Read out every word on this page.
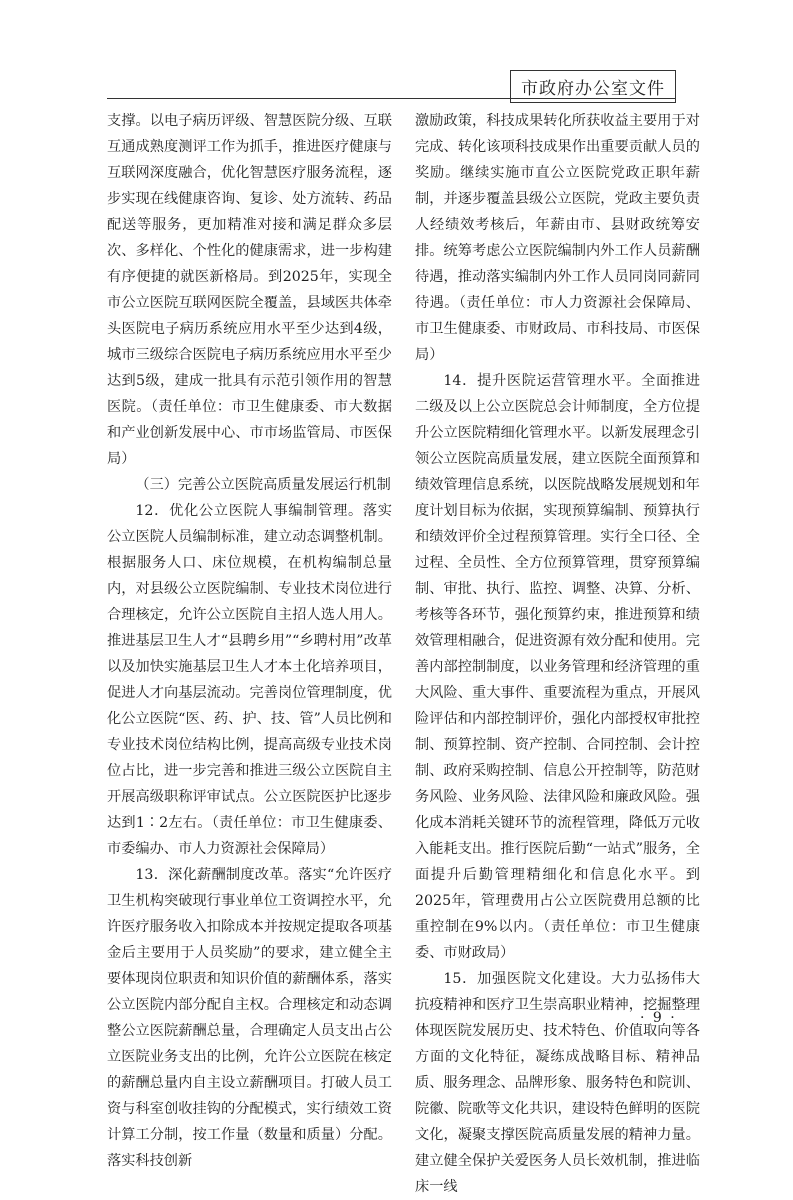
市政府办公室文件

支撑。以电子病历评级、智慧医院分级、互联互通成熟度测评工作为抓手，推进医疗健康与互联网深度融合，优化智慧医疗服务流程，逐步实现在线健康咨询、复诊、处方流转、药品配送等服务，更加精准对接和满足群众多层次、多样化、个性化的健康需求，进一步构建有序便捷的就医新格局。到2025年，实现全市公立医院互联网医院全覆盖，县域医共体牵头医院电子病历系统应用水平至少达到4级，城市三级综合医院电子病历系统应用水平至少达到5级，建成一批具有示范引领作用的智慧医院。（责任单位：市卫生健康委、市大数据和产业创新发展中心、市市场监管局、市医保局）

（三）完善公立医院高质量发展运行机制

12．优化公立医院人事编制管理。落实公立医院人员编制标准，建立动态调整机制。根据服务人口、床位规模，在机构编制总量内，对县级公立医院编制、专业技术岗位进行合理核定，允许公立医院自主招人选人用人。推进基层卫生人才“县聘乡用”“乡聘村用”改革以及加快实施基层卫生人才本土化培养项目，促进人才向基层流动。完善岗位管理制度，优化公立医院“医、药、护、技、管”人员比例和专业技术岗位结构比例，提高高级专业技术岗位占比，进一步完善和推进三级公立医院自主开展高级职称评审试点。公立医院医护比逐步达到1∶2左右。（责任单位：市卫生健康委、市委编办、市人力资源社会保障局）

13．深化薪酬制度改革。落实“允许医疗卫生机构突破现行事业单位工资调控水平，允许医疗服务收入扣除成本并按规定提取各项基金后主要用于人员奖励”的要求，建立健全主要体现岗位职责和知识价值的薪酬体系，落实公立医院内部分配自主权。合理核定和动态调整公立医院薪酬总量，合理确定人员支出占公立医院业务支出的比例，允许公立医院在核定的薪酬总量内自主设立薪酬项目。打破人员工资与科室创收挂钩的分配模式，实行绩效工资计算工分制，按工作量（数量和质量）分配。落实科技创新

激励政策，科技成果转化所获收益主要用于对完成、转化该项科技成果作出重要贡献人员的奖励。继续实施市直公立医院党政正职年薪制，并逐步覆盖县级公立医院，党政主要负责人经绩效考核后，年薪由市、县财政统筹安排。统筹考虑公立医院编制内外工作人员薪酬待遇，推动落实编制内外工作人员同岗同薪同待遇。（责任单位：市人力资源社会保障局、市卫生健康委、市财政局、市科技局、市医保局）

14．提升医院运营管理水平。全面推进二级及以上公立医院总会计师制度，全方位提升公立医院精细化管理水平。以新发展理念引领公立医院高质量发展，建立医院全面预算和绩效管理信息系统，以医院战略发展规划和年度计划目标为依据，实现预算编制、预算执行和绩效评价全过程预算管理。实行全口径、全过程、全员性、全方位预算管理，贯穿预算编制、审批、执行、监控、调整、决算、分析、考核等各环节，强化预算约束，推进预算和绩效管理相融合，促进资源有效分配和使用。完善内部控制制度，以业务管理和经济管理的重大风险、重大事件、重要流程为重点，开展风险评估和内部控制评价，强化内部授权审批控制、预算控制、资产控制、合同控制、会计控制、政府采购控制、信息公开控制等，防范财务风险、业务风险、法律风险和廉政风险。强化成本消耗关键环节的流程管理，降低万元收入能耗支出。推行医院后勤“一站式”服务，全面提升后勤管理精细化和信息化水平。到2025年，管理费用占公立医院费用总额的比重控制在9%以内。（责任单位：市卫生健康委、市财政局）

15．加强医院文化建设。大力弘扬伟大抗疫精神和医疗卫生崇高职业精神，挖掘整理体现医院发展历史、技术特色、价值取向等各方面的文化特征，凝练成战略目标、精神品质、服务理念、品牌形象、服务特色和院训、院徽、院歌等文化共识，建设特色鲜明的医院文化，凝聚支撑医院高质量发展的精神力量。建立健全保护关爱医务人员长效机制，推进临床一线

· 9 ·
